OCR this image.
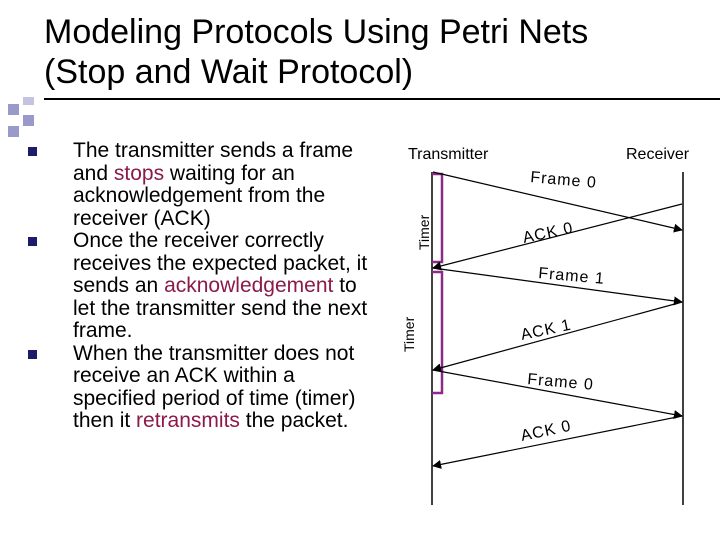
Modeling Protocols Using Petri Nets
(Stop and Wait Protocol)
The transmitter sends a frame and stops waiting for an acknowledgement from the receiver (ACK)
Once the receiver correctly receives the expected packet, it sends an acknowledgement to let the transmitter send the next frame.
When the transmitter does not receive an ACK within a specified period of time (timer) then it retransmits the packet.
Transmitter	Receiver
Timer
Timer
Frame 0
ACK 0
Frame 1
ACK 1
Frame 0
ACK 0
